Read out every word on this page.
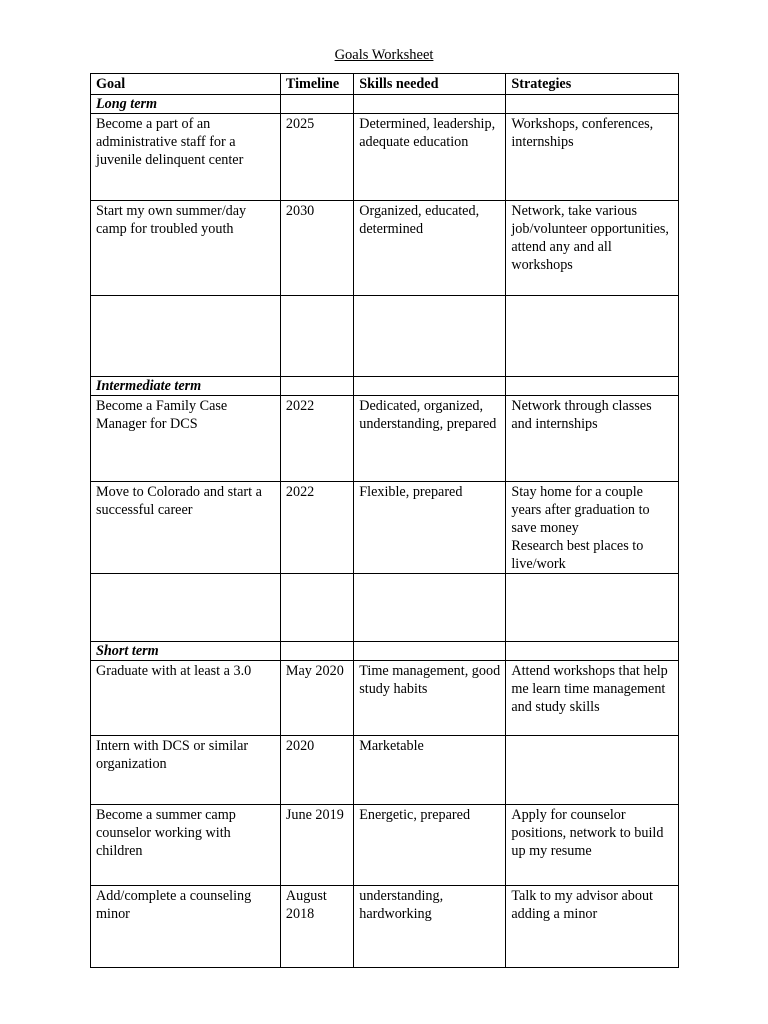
Goals Worksheet
Goal	Timeline	Skills needed	Strategies
Long term			
Become a part of an administrative staff for a juvenile delinquent center	2025	Determined, leadership, adequate education	Workshops, conferences, internships
Start my own summer/day camp for troubled youth	2030	Organized, educated, determined	Network, take various job/volunteer opportunities, attend any and all workshops

Intermediate term			
Become a Family Case Manager for DCS	2022	Dedicated, organized, understanding, prepared	Network through classes and internships
Move to Colorado and start a successful career	2022	Flexible, prepared	Stay home for a couple years after graduation to save money
Research best places to live/work

Short term			
Graduate with at least a 3.0	May 2020	Time management, good study habits	Attend workshops that help me learn time management and study skills
Intern with DCS or similar organization	2020	Marketable	
Become a summer camp counselor working with children	June 2019	Energetic, prepared	Apply for counselor positions, network to build up my resume
Add/complete a counseling minor	August 2018	understanding, hardworking	Talk to my advisor about adding a minor
